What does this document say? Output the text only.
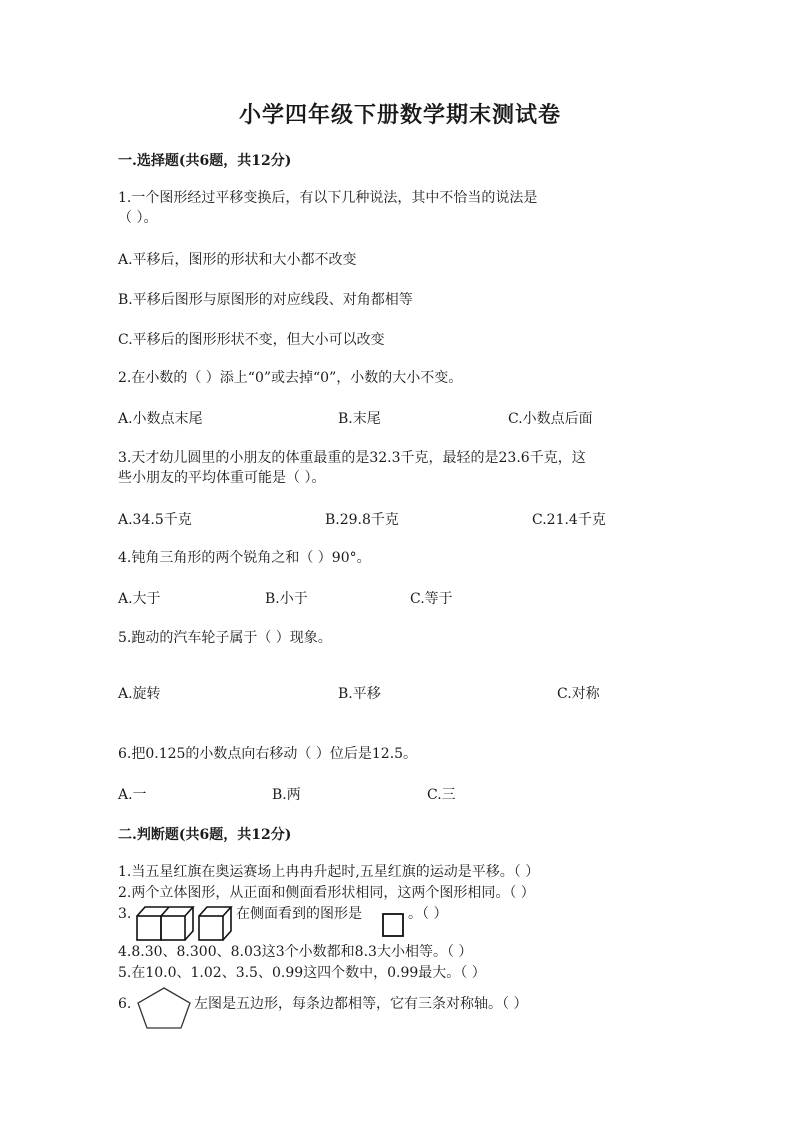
小学四年级下册数学期末测试卷
一.选择题(共6题，共12分)
1.一个图形经过平移变换后，有以下几种说法，其中不恰当的说法是
（ ）。
A.平移后，图形的形状和大小都不改变
B.平移后图形与原图形的对应线段、对角都相等
C.平移后的图形形状不变，但大小可以改变
2.在小数的（ ）添上“0”或去掉“0”，小数的大小不变。
A.小数点末尾	B.末尾	C.小数点后面
3.天才幼儿圆里的小朋友的体重最重的是32.3千克，最轻的是23.6千克，这
些小朋友的平均体重可能是（ ）。
A.34.5千克	B.29.8千克	C.21.4千克
4.钝角三角形的两个锐角之和（ ）90°。
A.大于	B.小于	C.等于
5.跑动的汽车轮子属于（ ）现象。
A.旋转	B.平移	C.对称
6.把0.125的小数点向右移动（ ）位后是12.5。
A.一	B.两	C.三
二.判断题(共6题，共12分)
1.当五星红旗在奥运赛场上冉冉升起时,五星红旗的运动是平移。（ ）
2.两个立体图形，从正面和侧面看形状相同，这两个图形相同。（ ）
3.	在侧面看到的图形是	。（ ）
4.8.30、8.300、8.03这3个小数都和8.3大小相等。（ ）
5.在10.0、1.02、3.5、0.99这四个数中，0.99最大。（ ）
6.	左图是五边形，每条边都相等，它有三条对称轴。（ ）
